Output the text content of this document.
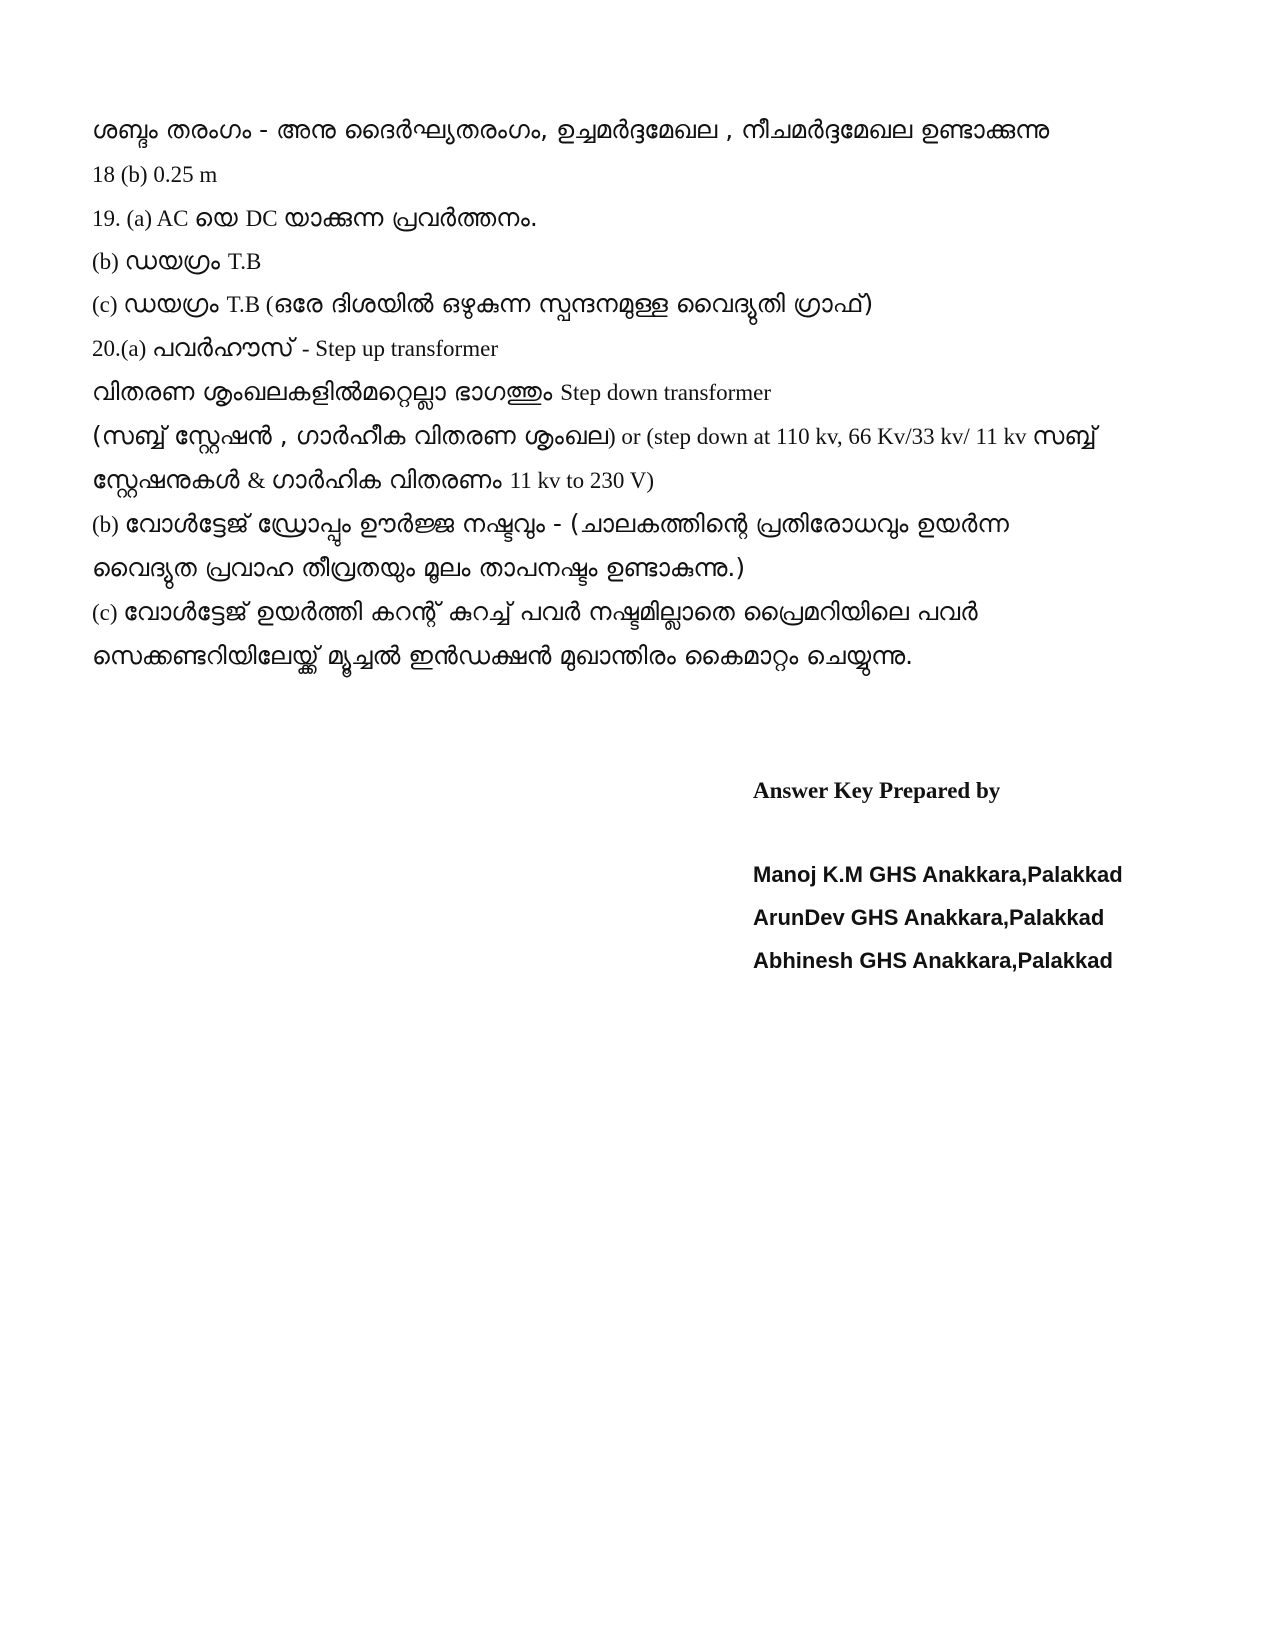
ശബ്ദം തരംഗം - അനു ദൈർഘ്യതരംഗം, ഉച്ചമർദ്ദമേഖല , നീചമർദ്ദമേഖല ഉണ്ടാക്കുന്നു
18 (b) 0.25 m
19. (a) AC യെ DC യാക്കുന്ന പ്രവർത്തനം.
(b) ഡയഗ്രം T.B
(c) ഡയഗ്രം T.B (ഒരേ ദിശയിൽ ഒഴുകുന്ന സ്പന്ദനമുള്ള വൈദ്യുതി ഗ്രാഫ്)
20.(a) പവർഹൗസ് - Step up transformer
വിതരണ ശൃംഖലകളിൽമറ്റെല്ലാ ഭാഗത്തും Step down transformer
(സബ്ബ് സ്റ്റേഷൻ , ഗാർഹീക വിതരണ ശൃംഖല) or (step down at 110 kv, 66 Kv/33 kv/ 11 kv സബ്ബ്
സ്റ്റേഷനുകൾ & ഗാർഹിക വിതരണം 11 kv to 230 V)
(b) വോൾട്ടേജ് ഡ്രോപ്പും ഊർജ്ജ നഷ്ടവും - (ചാലകത്തിന്റെ പ്രതിരോധവും ഉയർന്ന
വൈദ്യുത പ്രവാഹ തീവ്രതയും മൂലം താപനഷ്ടം ഉണ്ടാകുന്നു.)
(c) വോൾട്ടേജ് ഉയർത്തി കറന്റ് കുറച്ച് പവർ നഷ്ടമില്ലാതെ പ്രൈമറിയിലെ പവർ
സെക്കണ്ടറിയിലേയ്ക്ക് മ്യൂച്ചൽ ഇൻഡക്ഷൻ മുഖാന്തിരം കൈമാറ്റം ചെയ്യുന്നു.
Answer Key Prepared by
Manoj K.M GHS Anakkara,Palakkad
ArunDev GHS Anakkara,Palakkad
Abhinesh GHS Anakkara,Palakkad
